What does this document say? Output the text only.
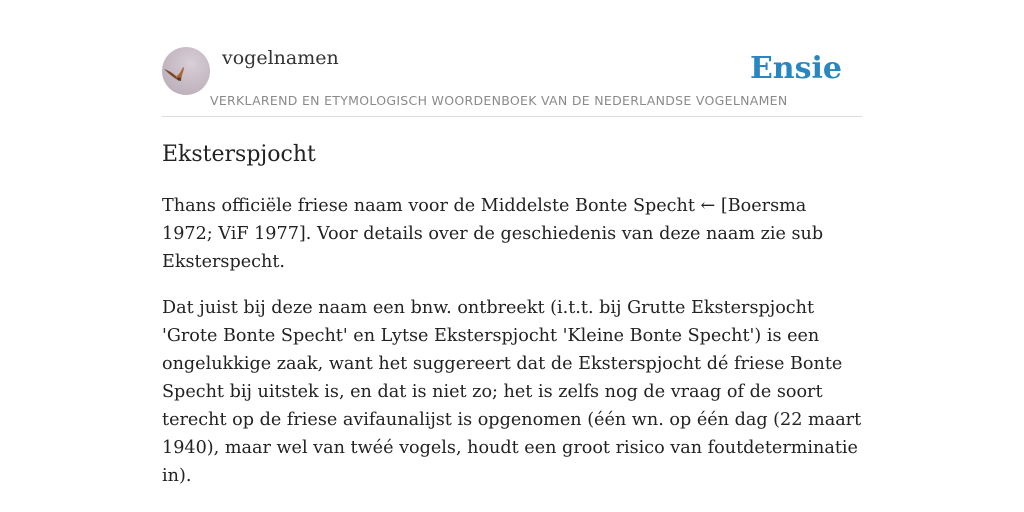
vogelnamen
VERKLAREND EN ETYMOLOGISCH WOORDENBOEK VAN DE NEDERLANDSE VOGELNAMEN
Ensie
Eksterspjocht

Thans officiële friese naam voor de Middelste Bonte Specht ← [Boersma 1972; ViF 1977]. Voor details over de geschiedenis van deze naam zie sub Eksterspecht.

Dat juist bij deze naam een bnw. ontbreekt (i.t.t. bij Grutte Eksterspjocht 'Grote Bonte Specht' en Lytse Eksterspjocht 'Kleine Bonte Specht') is een ongelukkige zaak, want het suggereert dat de Eksterspjocht dé friese Bonte Specht bij uitstek is, en dat is niet zo; het is zelfs nog de vraag of de soort terecht op de friese avifaunalijst is opgenomen (één wn. op één dag (22 maart 1940), maar wel van twéé vogels, houdt een groot risico van foutdeterminatie in).
